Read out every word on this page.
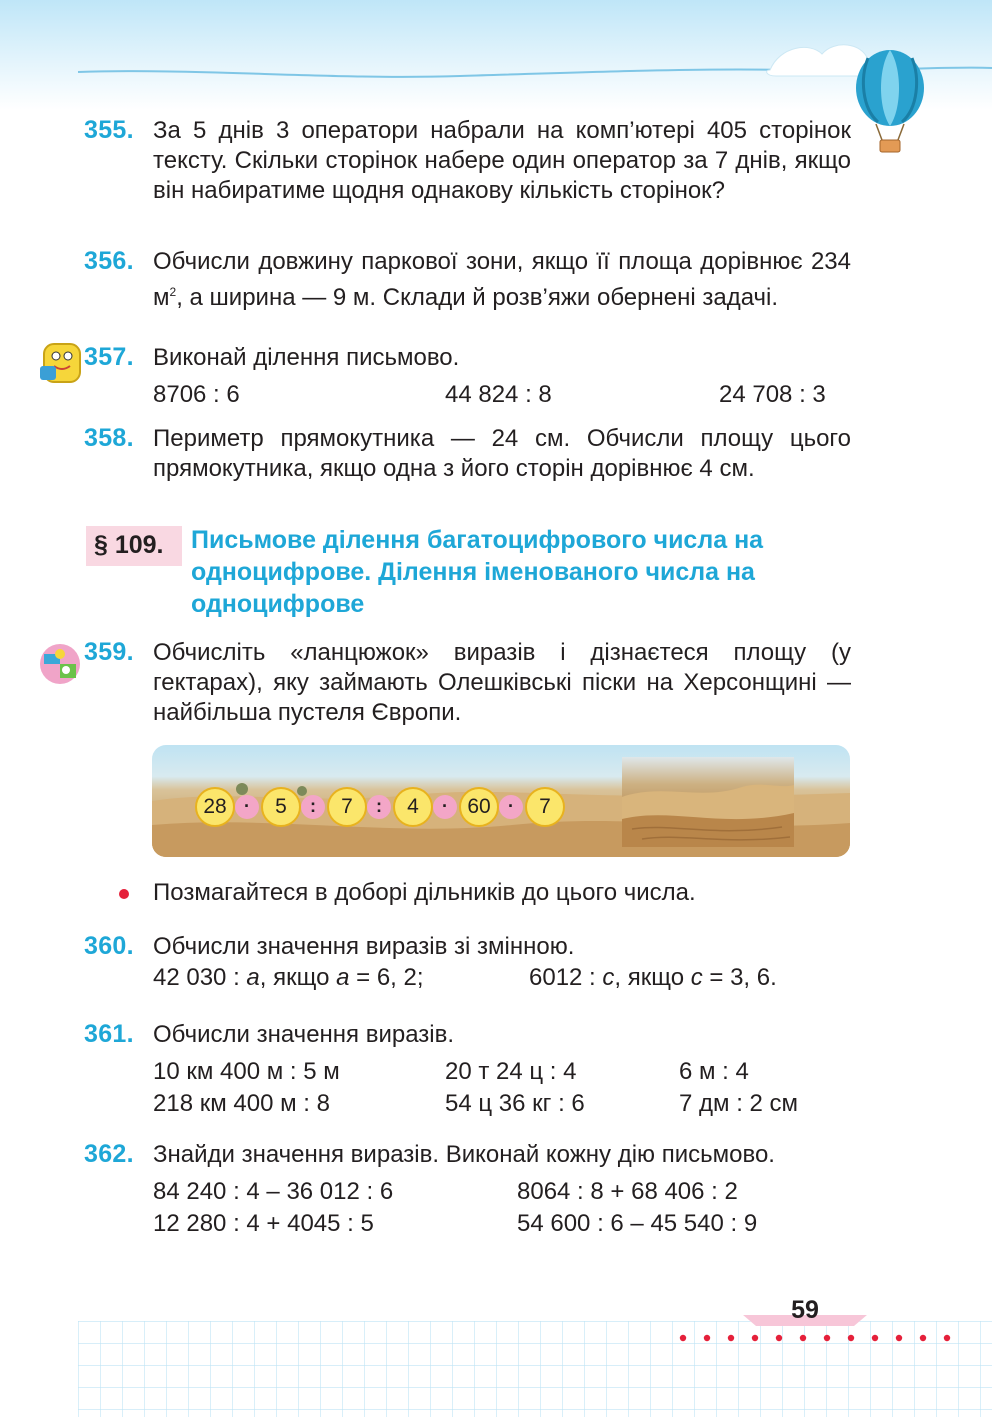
355. За 5 днів 3 оператори набрали на комп’ютері 405 сторінок тексту. Скільки сторінок набере один оператор за 7 днів, якщо він набиратиме щодня однакову кількість сторінок?
356. Обчисли довжину паркової зони, якщо її площа дорівнює 234 $м^2$, а ширина — 9 м. Склади й розв’яжи обернені задачі.
357. Виконай ділення письмово.
8706 : 6	44 824 : 8	24 708 : 3
358. Периметр прямокутника — 24 см. Обчисли площу цього прямокутника, якщо одна з його сторін дорівнює 4 см.
§ 109.	Письмове ділення багатоцифрового числа на одноцифрове. Ділення іменованого числа на одноцифрове
359. Обчисліть «ланцюжок» виразів і дізнаєтеся площу (у гектарах), яку займають Олешківські піски на Херсонщині — найбільша пустеля Європи.
28 ·	5	:	7	:	4	· 60 ·	7
Позмагайтеся в доборі дільників до цього числа.
360. Обчисли значення виразів зі змінною.
42 030 : а, якщо а = 6, 2;	6012 : с, якщо с = 3, 6.
361. Обчисли значення виразів.
10 км 400 м : 5 м	20 т 24 ц : 4	6 м : 4
218 км 400 м : 8	54 ц 36 кг : 6	7 дм : 2 см
362. Знайди значення виразів. Виконай кожну дію письмово.
84 240 : 4 – 36 012 : 6	8064 : 8 + 68 406 : 2
12 280 : 4 + 4045 : 5	54 600 : 6 – 45 540 : 9
59
